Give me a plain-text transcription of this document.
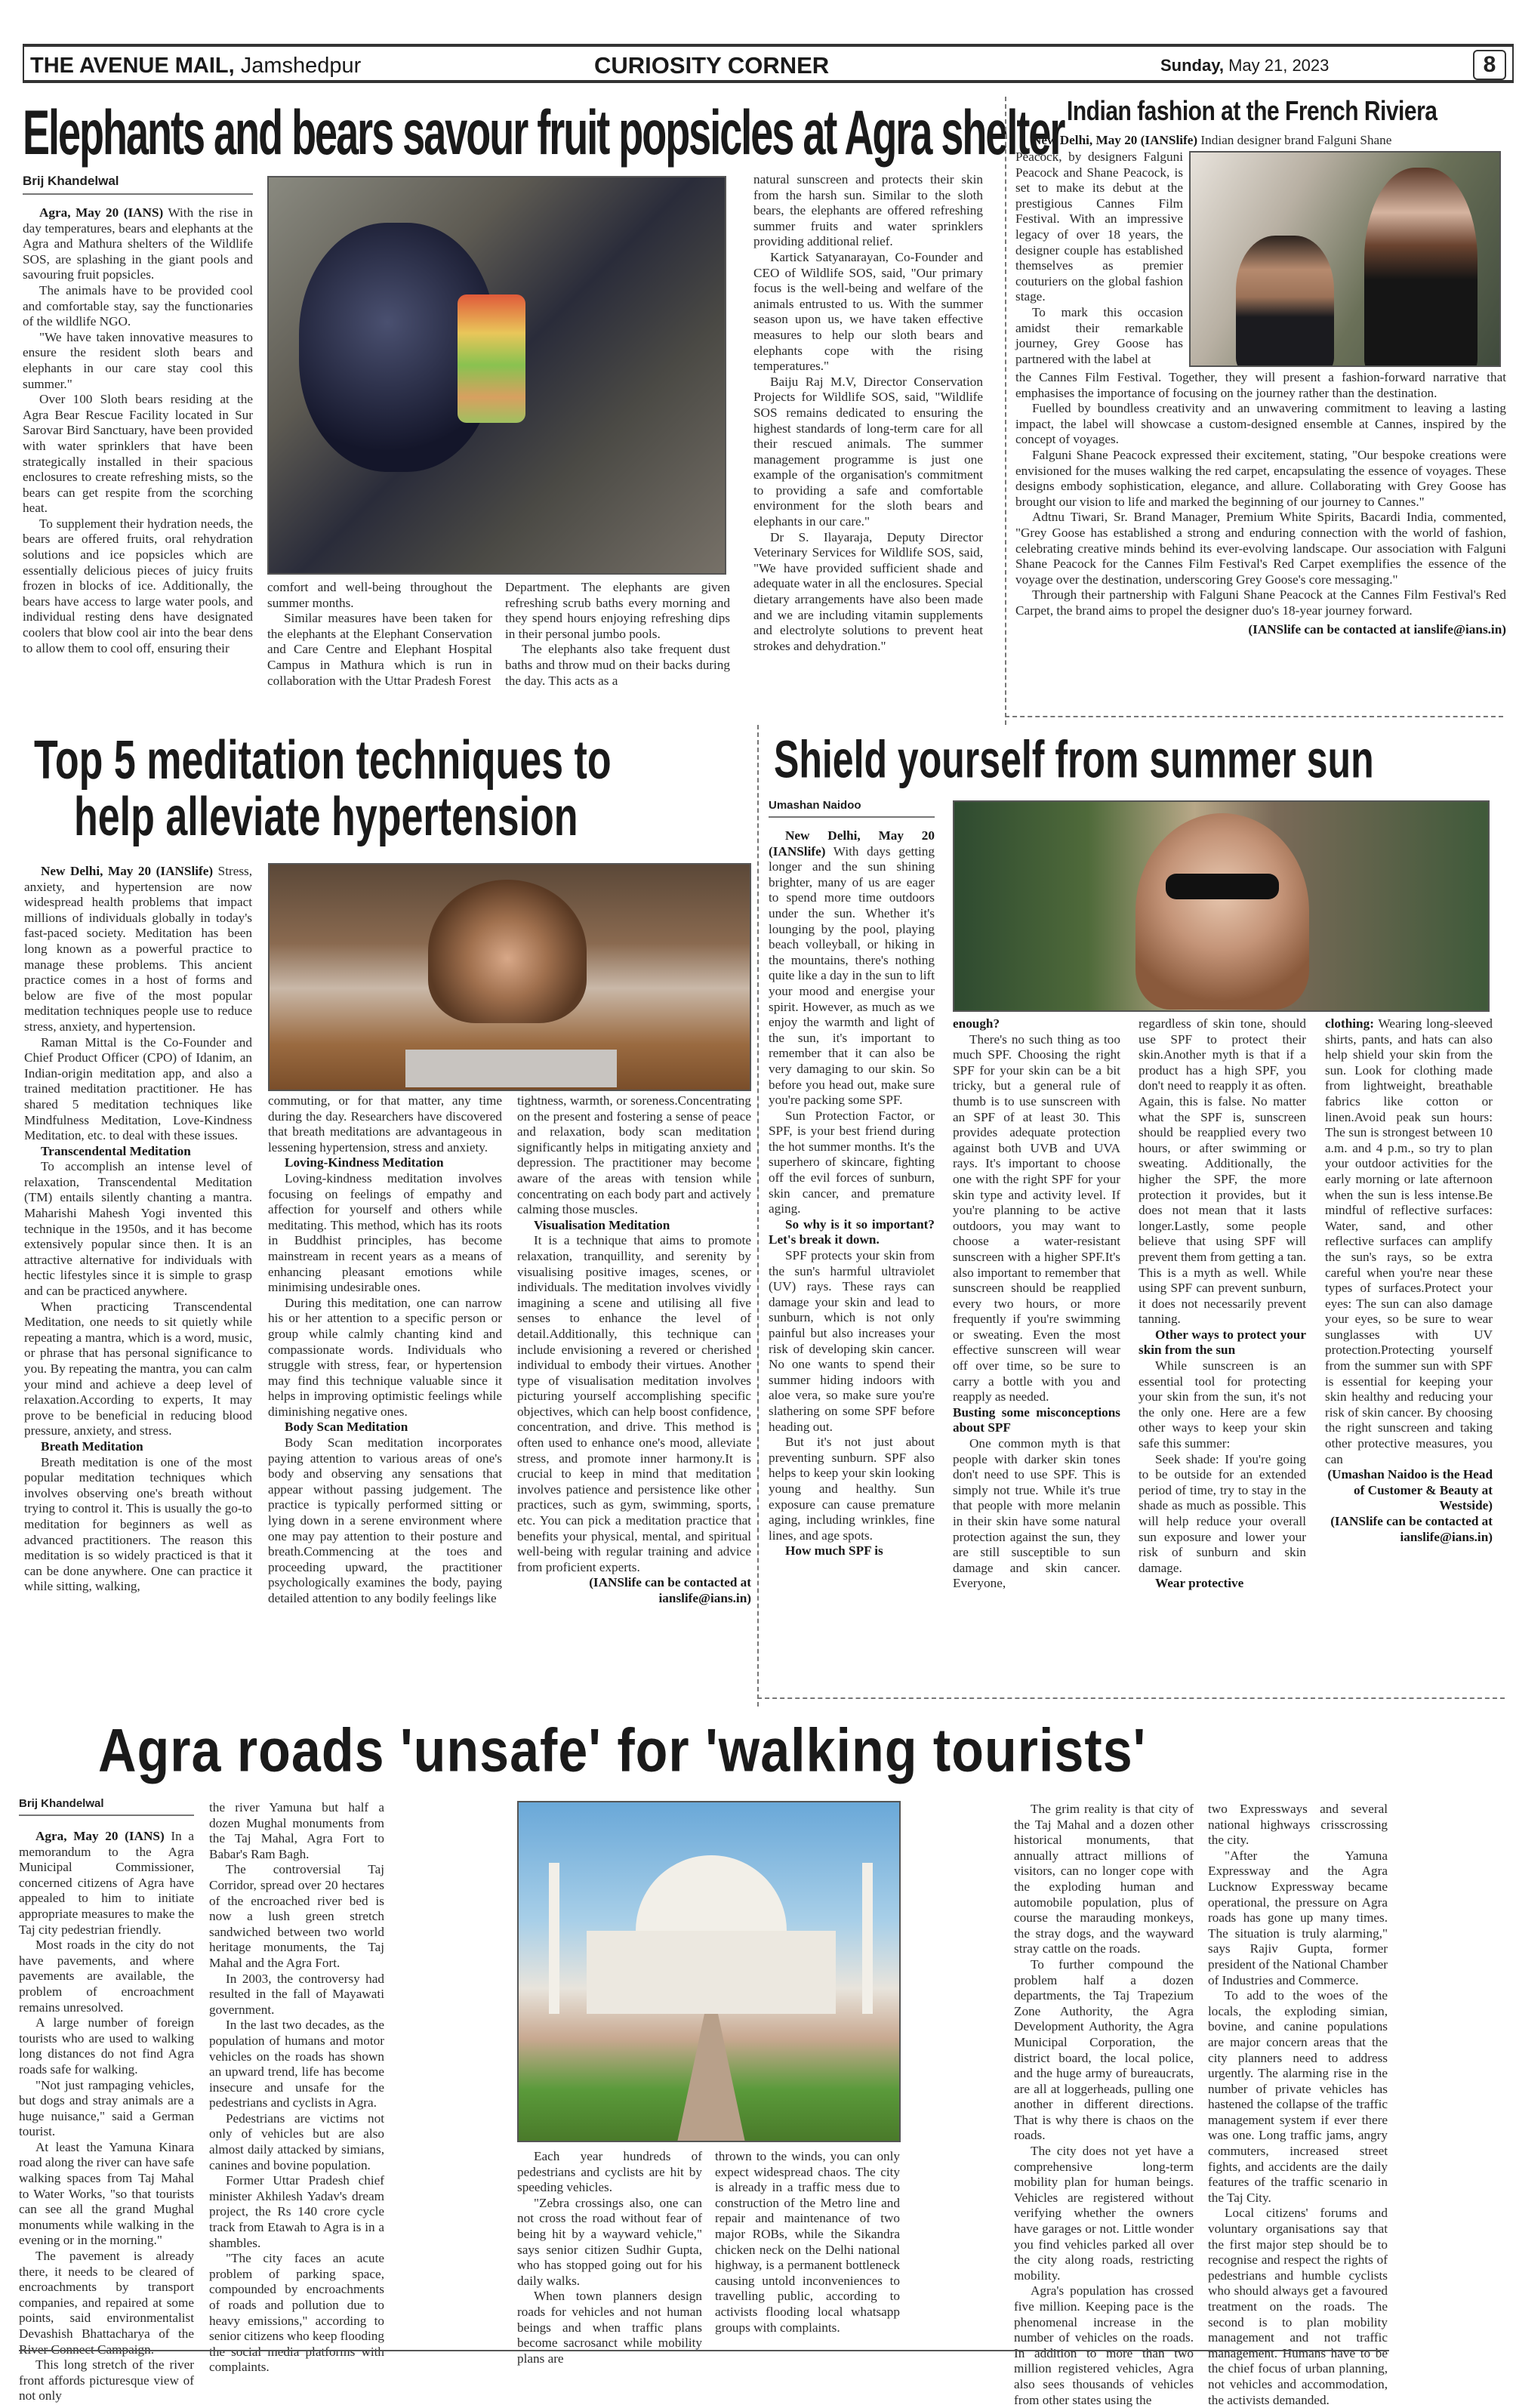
THE AVENUE MAIL, Jamshedpur	CURIOSITY CORNER	Sunday, May 21, 2023	8
Elephants and bears savour fruit popsicles at Agra shelter
Brij Khandelwal

Agra, May 20 (IANS) With the rise in day temperatures, bears and elephants at the Agra and Mathura shelters of the Wildlife SOS, are splashing in the giant pools and savouring fruit popsicles.

The animals have to be provided cool and comfortable stay, say the functionaries of the wildlife NGO.

"We have taken innovative measures to ensure the resident sloth bears and elephants in our care stay cool this summer."

Over 100 Sloth bears residing at the Agra Bear Rescue Facility located in Sur Sarovar Bird Sanctuary, have been provided with water sprinklers that have been strategically installed in their spacious enclosures to create refreshing mists, so the bears can get respite from the scorching heat.

To supplement their hydration needs, the bears are offered fruits, oral rehydration solutions and ice popsicles which are essentially delicious pieces of juicy fruits frozen in blocks of ice. Additionally, the bears have access to large water pools, and individual resting dens have designated coolers that blow cool air into the bear dens to allow them to cool off, ensuring their

comfort and well-being throughout the summer months.

Similar measures have been taken for the elephants at the Elephant Conservation and Care Centre and Elephant Hospital Campus in Mathura which is run in collaboration with the Uttar Pradesh Forest

Department. The elephants are given refreshing scrub baths every morning and they spend hours enjoying refreshing dips in their personal jumbo pools.

The elephants also take frequent dust baths and throw mud on their backs during the day. This acts as a

natural sunscreen and protects their skin from the harsh sun. Similar to the sloth bears, the elephants are offered refreshing summer fruits and water sprinklers providing additional relief.

Kartick Satyanarayan, Co-Founder and CEO of Wildlife SOS, said, "Our primary focus is the well-being and welfare of the animals entrusted to us. With the summer season upon us, we have taken effective measures to help our sloth bears and elephants cope with the rising temperatures."

Baiju Raj M.V, Director Conservation Projects for Wildlife SOS, said, "Wildlife SOS remains dedicated to ensuring the highest standards of long-term care for all their rescued animals. The summer management programme is just one example of the organisation's commitment to providing a safe and comfortable environment for the sloth bears and elephants in our care."

Dr S. Ilayaraja, Deputy Director Veterinary Services for Wildlife SOS, said, "We have provided sufficient shade and adequate water in all the enclosures. Special dietary arrangements have also been made and we are including vitamin supplements and electrolyte solutions to prevent heat strokes and dehydration."

Indian fashion at the French Riviera

New Delhi, May 20 (IANSlife) Indian designer brand Falguni Shane

Peacock, by designers Falguni Peacock and Shane Peacock, is set to make its debut at the prestigious Cannes Film Festival. With an impressive legacy of over 18 years, the designer couple has established themselves as premier couturiers on the global fashion stage.

To mark this occasion amidst their remarkable journey, Grey Goose has partnered with the label at

the Cannes Film Festival. Together, they will present a fashion-forward narrative that emphasises the importance of focusing on the journey rather than the destination.

Fuelled by boundless creativity and an unwavering commitment to leaving a lasting impact, the label will showcase a custom-designed ensemble at Cannes, inspired by the concept of voyages.

Falguni Shane Peacock expressed their excitement, stating, "Our bespoke creations were envisioned for the muses walking the red carpet, encapsulating the essence of voyages. These designs embody sophistication, elegance, and allure. Collaborating with Grey Goose has brought our vision to life and marked the beginning of our journey to Cannes."

Adtnu Tiwari, Sr. Brand Manager, Premium White Spirits, Bacardi India, commented, "Grey Goose has established a strong and enduring connection with the world of fashion, celebrating creative minds behind its ever-evolving landscape. Our association with Falguni Shane Peacock for the Cannes Film Festival's Red Carpet exemplifies the essence of the voyage over the destination, underscoring Grey Goose's core messaging."

Through their partnership with Falguni Shane Peacock at the Cannes Film Festival's Red Carpet, the brand aims to propel the designer duo's 18-year journey forward.

(IANSlife can be contacted at ianslife@ians.in)
Top 5 meditation techniques to
help alleviate hypertension

New Delhi, May 20 (IANSlife) Stress, anxiety, and hypertension are now widespread health problems that impact millions of individuals globally in today's fast-paced society. Meditation has been long known as a powerful practice to manage these problems. This ancient practice comes in a host of forms and below are five of the most popular meditation techniques people use to reduce stress, anxiety, and hypertension.

Raman Mittal is the Co-Founder and Chief Product Officer (CPO) of Idanim, an Indian-origin meditation app, and also a trained meditation practitioner. He has shared 5 meditation techniques like Mindfulness Meditation, Love-Kindness Meditation, etc. to deal with these issues.

Transcendental Meditation

To accomplish an intense level of relaxation, Transcendental Meditation (TM) entails silently chanting a mantra. Maharishi Mahesh Yogi invented this technique in the 1950s, and it has become extensively popular since then. It is an attractive alternative for individuals with hectic lifestyles since it is simple to grasp and can be practiced anywhere.

When practicing Transcendental Meditation, one needs to sit quietly while repeating a mantra, which is a word, music, or phrase that has personal significance to you. By repeating the mantra, you can calm your mind and achieve a deep level of relaxation.According to experts, It may prove to be beneficial in reducing blood pressure, anxiety, and stress.

Breath Meditation

Breath meditation is one of the most popular meditation techniques which involves observing one's breath without trying to control it. This is usually the go-to meditation for beginners as well as advanced practitioners. The reason this meditation is so widely practiced is that it can be done anywhere. One can practice it while sitting, walking,

commuting, or for that matter, any time during the day. Researchers have discovered that breath meditations are advantageous in lessening hypertension, stress and anxiety.

Loving-Kindness Meditation

Loving-kindness meditation involves focusing on feelings of empathy and affection for yourself and others while meditating. This method, which has its roots in Buddhist principles, has become mainstream in recent years as a means of enhancing pleasant emotions while minimising undesirable ones.

During this meditation, one can narrow his or her attention to a specific person or group while calmly chanting kind and compassionate words. Individuals who struggle with stress, fear, or hypertension may find this technique valuable since it helps in improving optimistic feelings while diminishing negative ones.

Body Scan Meditation

Body Scan meditation incorporates paying attention to various areas of one's body and observing any sensations that appear without passing judgement. The practice is typically performed sitting or lying down in a serene environment where one may pay attention to their posture and breath.Commencing at the toes and proceeding upward, the practitioner psychologically examines the body, paying detailed attention to any bodily feelings like

tightness, warmth, or soreness.Concentrating on the present and fostering a sense of peace and relaxation, body scan meditation significantly helps in mitigating anxiety and depression. The practitioner may become aware of the areas with tension while concentrating on each body part and actively calming those muscles.

Visualisation Meditation

It is a technique that aims to promote relaxation, tranquillity, and serenity by visualising positive images, scenes, or individuals. The meditation involves vividly imagining a scene and utilising all five senses to enhance the level of detail.Additionally, this technique can include envisioning a revered or cherished individual to embody their virtues. Another type of visualisation meditation involves picturing yourself accomplishing specific objectives, which can help boost confidence, concentration, and drive. This method is often used to enhance one's mood, alleviate stress, and promote inner harmony.It is crucial to keep in mind that meditation involves patience and persistence like other practices, such as gym, swimming, sports, etc. You can pick a meditation practice that benefits your physical, mental, and spiritual well-being with regular training and advice from proficient experts.

(IANSlife can be contacted at ianslife@ians.in)
Shield yourself from summer sun
Umashan Naidoo

New Delhi, May 20 (IANSlife) With days getting longer and the sun shining brighter, many of us are eager to spend more time outdoors under the sun. Whether it's lounging by the pool, playing beach volleyball, or hiking in the mountains, there's nothing quite like a day in the sun to lift your mood and energise your spirit. However, as much as we enjoy the warmth and light of the sun, it's important to remember that it can also be very damaging to our skin. So before you head out, make sure you're packing some SPF.

Sun Protection Factor, or SPF, is your best friend during the hot summer months. It's the superhero of skincare, fighting off the evil forces of sunburn, skin cancer, and premature aging.

So why is it so important? Let's break it down.

SPF protects your skin from the sun's harmful ultraviolet (UV) rays. These rays can damage your skin and lead to sunburn, which is not only painful but also increases your risk of developing skin cancer. No one wants to spend their summer hiding indoors with aloe vera, so make sure you're slathering on some SPF before heading out.

But it's not just about preventing sunburn. SPF also helps to keep your skin looking young and healthy. Sun exposure can cause premature aging, including wrinkles, fine lines, and age spots.

How much SPF is
enough?

There's no such thing as too much SPF. Choosing the right SPF for your skin can be a bit tricky, but a general rule of thumb is to use sunscreen with an SPF of at least 30. This provides adequate protection against both UVB and UVA rays. It's important to choose one with the right SPF for your skin type and activity level. If you're planning to be active outdoors, you may want to choose a water-resistant sunscreen with a higher SPF.It's also important to remember that sunscreen should be reapplied every two hours, or more frequently if you're swimming or sweating. Even the most effective sunscreen will wear off over time, so be sure to carry a bottle with you and reapply as needed.

Busting some misconceptions about SPF

One common myth is that people with darker skin tones don't need to use SPF. This is simply not true. While it's true that people with more melanin in their skin have some natural protection against the sun, they are still susceptible to sun damage and skin cancer. Everyone,

regardless of skin tone, should use SPF to protect their skin.Another myth is that if a product has a high SPF, you don't need to reapply it as often. Again, this is false. No matter what the SPF is, sunscreen should be reapplied every two hours, or after swimming or sweating. Additionally, the higher the SPF, the more protection it provides, but it does not mean that it lasts longer.Lastly, some people believe that using SPF will prevent them from getting a tan. This is a myth as well. While using SPF can prevent sunburn, it does not necessarily prevent tanning.

Other ways to protect your skin from the sun

While sunscreen is an essential tool for protecting your skin from the sun, it's not the only one. Here are a few other ways to keep your skin safe this summer:

Seek shade: If you're going to be outside for an extended period of time, try to stay in the shade as much as possible. This will help reduce your overall sun exposure and lower your risk of sunburn and skin damage.

Wear protective

clothing: Wearing long-sleeved shirts, pants, and hats can also help shield your skin from the sun. Look for clothing made from lightweight, breathable fabrics like cotton or linen.Avoid peak sun hours: The sun is strongest between 10 a.m. and 4 p.m., so try to plan your outdoor activities for the early morning or late afternoon when the sun is less intense.Be mindful of reflective surfaces: Water, sand, and other reflective surfaces can amplify the sun's rays, so be extra careful when you're near these types of surfaces.Protect your eyes: The sun can also damage your eyes, so be sure to wear sunglasses with UV protection.Protecting yourself from the summer sun with SPF is essential for keeping your skin healthy and reducing your risk of skin cancer. By choosing the right sunscreen and taking other protective measures, you can

(Umashan Naidoo is the Head of Customer & Beauty at Westside)
(IANSlife can be contacted at ianslife@ians.in)
Agra roads 'unsafe' for 'walking tourists'
Brij Khandelwal

Agra, May 20 (IANS) In a memorandum to the Agra Municipal Commissioner, concerned citizens of Agra have appealed to him to initiate appropriate measures to make the Taj city pedestrian friendly.

Most roads in the city do not have pavements, and where pavements are available, the problem of encroachment remains unresolved.

A large number of foreign tourists who are used to walking long distances do not find Agra roads safe for walking.

"Not just rampaging vehicles, but dogs and stray animals are a huge nuisance," said a German tourist.

At least the Yamuna Kinara road along the river can have safe walking spaces from Taj Mahal to Water Works, "so that tourists can see all the grand Mughal monuments while walking in the evening or in the morning."

The pavement is already there, it needs to be cleared of encroachments by transport companies, and repaired at some points, said environmentalist Devashish Bhattacharya of the River Connect Campaign.

This long stretch of the river front affords picturesque view of not only

the river Yamuna but half a dozen Mughal monuments from the Taj Mahal, Agra Fort to Babar's Ram Bagh.

The controversial Taj Corridor, spread over 20 hectares of the encroached river bed is now a lush green stretch sandwiched between two world heritage monuments, the Taj Mahal and the Agra Fort.

In 2003, the controversy had resulted in the fall of Mayawati government.

In the last two decades, as the population of humans and motor vehicles on the roads has shown an upward trend, life has become insecure and unsafe for the pedestrians and cyclists in Agra.

Pedestrians are victims not only of vehicles but are also almost daily attacked by simians, canines and bovine population.

Former Uttar Pradesh chief minister Akhilesh Yadav's dream project, the Rs 140 crore cycle track from Etawah to Agra is in a shambles.

"The city faces an acute problem of parking space, compounded by encroachments of roads and pollution due to heavy emissions," according to senior citizens who keep flooding the social media platforms with complaints.

Each year hundreds of pedestrians and cyclists are hit by speeding vehicles.

"Zebra crossings also, one can not cross the road without fear of being hit by a wayward vehicle," says senior citizen Sudhir Gupta, who has stopped going out for his daily walks.

When town planners design roads for vehicles and not human beings and when traffic plans become sacrosanct while mobility plans are

thrown to the winds, you can only expect widespread chaos. The city is already in a traffic mess due to construction of the Metro line and repair and maintenance of two major ROBs, while the Sikandra chicken neck on the Delhi national highway, is a permanent bottleneck causing untold inconveniences to travelling public, according to activists flooding local whatsapp groups with complaints.

The grim reality is that city of the Taj Mahal and a dozen other historical monuments, that annually attract millions of visitors, can no longer cope with the exploding human and automobile population, plus of course the marauding monkeys, the stray dogs, and the wayward stray cattle on the roads.

To further compound the problem half a dozen departments, the Taj Trapezium Zone Authority, the Agra Development Authority, the Agra Municipal Corporation, the district board, the local police, and the huge army of bureaucrats, are all at loggerheads, pulling one another in different directions. That is why there is chaos on the roads.

The city does not yet have a comprehensive long-term mobility plan for human beings. Vehicles are registered without verifying whether the owners have garages or not. Little wonder you find vehicles parked all over the city along roads, restricting mobility.

Agra's population has crossed five million. Keeping pace is the phenomenal increase in the number of vehicles on the roads. In addition to more than two million registered vehicles, Agra also sees thousands of vehicles from other states using the

two Expressways and several national highways crisscrossing the city.

"After the Yamuna Expressway and the Agra Lucknow Expressway became operational, the pressure on Agra roads has gone up many times. The situation is truly alarming," says Rajiv Gupta, former president of the National Chamber of Industries and Commerce.

To add to the woes of the locals, the exploding simian, bovine, and canine populations are major concern areas that the city planners need to address urgently. The alarming rise in the number of private vehicles has hastened the collapse of the traffic management system if ever there was one. Long traffic jams, angry commuters, increased street fights, and accidents are the daily features of the traffic scenario in the Taj City.

Local citizens' forums and voluntary organisations say that the first major step should be to recognise and respect the rights of pedestrians and humble cyclists who should always get a favoured treatment on the roads. The second is to plan mobility management and not traffic management. Humans have to be the chief focus of urban planning, not vehicles and accommodation, the activists demanded.
